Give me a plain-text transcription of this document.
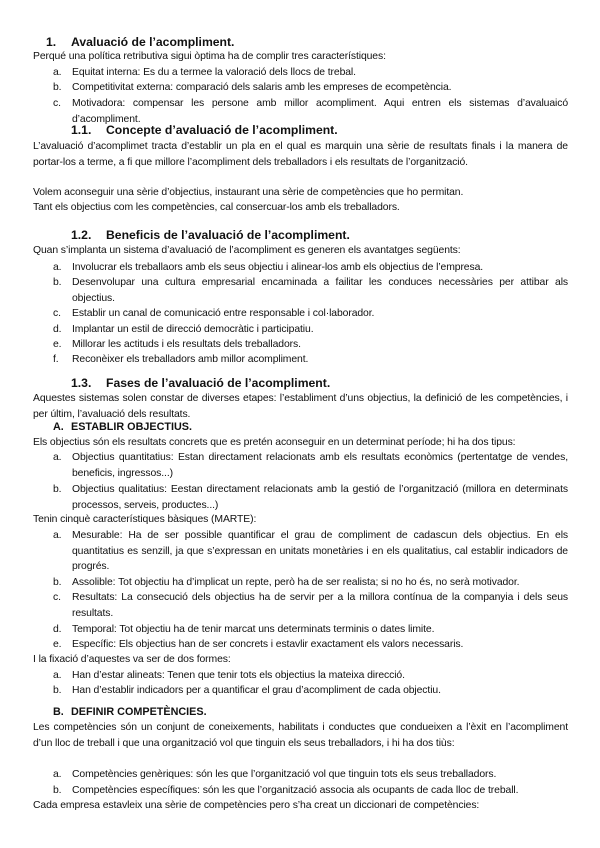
1. Avaluació de l’acompliment.
Perqué una política retributiva sigui òptima ha de complir tres característiques:
a. Equitat interna: Es du a termee la valoració dels llocs de trebal.
b. Competitivitat externa: comparació dels salaris amb les empreses de ecompetència.
c. Motivadora: compensar les persone amb millor acompliment. Aqui entren els sistemas d’avaluaicó d’acompliment.
1.1. Concepte d’avaluació de l’acompliment.
L’avaluació d’acomplimet tracta d’establir un pla en el qual es marquin una sèrie de resultats finals i la manera de portar-los a terme, a fi que millore l’acompliment dels treballadors i els resultats de l’organització.
Volem aconseguir una sèrie d’objectius, instaurant una sèrie de competències que ho permitan.
Tant els objectius com les competències, cal consercuar-los amb els treballadors.
1.2. Beneficis de l’avaluació de l’acompliment.
Quan s’implanta un sistema d’avaluació de l’acompliment es generen els avantatges següents:
a. Involucrar els treballaors amb els seus objectiu i alinear-los amb els objectius de l’empresa.
b. Desenvolupar una cultura empresarial encaminada a failitar les conduces necessàries per attibar als objectius.
c. Establir un canal de comunicació entre responsable i col·laborador.
d. Implantar un estil de direcció democràtic i participatiu.
e. Millorar les actituds i els resultats dels treballadors.
f. Reconèixer els treballadors amb millor acompliment.
1.3. Fases de l’avaluació de l’acompliment.
Aquestes sistemas solen constar de diverses etapes: l’establiment d’uns objectius, la definició de les competències, i per últim, l’avaluació dels resultats.
A. ESTABLIR OBJECTIUS.
Els objectius són els resultats concrets que es pretén aconseguir en un determinat període; hi ha dos tipus:
a. Objectius quantitatius: Estan directament relacionats amb els resultats econòmics (pertentatge de vendes, beneficis, ingressos...)
b. Objectius qualitatius: Eestan directament relacionats amb la gestió de l’organització (millora en determinats processos, serveis, productes...)
Tenin cinquè característiques bàsiques (MARTE):
a. Mesurable: Ha de ser possible quantificar el grau de compliment de cadascun dels objectius. En els quantitatius es senzill, ja que s’expressan en unitats monetàries i en els qualitatius, cal establir indicadors de progrés.
b. Assolible: Tot objectiu ha d’implicat un repte, però ha de ser realista; si no ho és, no serà motivador.
c. Resultats: La consecució dels objectius ha de servir per a la millora contínua de la companyia i dels seus resultats.
d. Temporal: Tot objectiu ha de tenir marcat uns determinats terminis o dates limite.
e. Específic: Els objectius han de ser concrets i estavlir exactament els valors necessaris.
I la fixació d’aquestes va ser de dos formes:
a. Han d’estar alineats: Tenen que tenir tots els objectius la mateixa direcció.
b. Han d’establir indicadors per a quantificar el grau d’acompliment de cada objectiu.
B. DEFINIR COMPETÈNCIES.
Les competències són un conjunt de coneixements, habilitats i conductes que condueixen a l’èxit en l’acompliment d’un lloc de treball i que una organització vol que tinguin els seus treballadors, i hi ha dos tiùs:
a. Competències genèriques: són les que l’organització vol que tinguin tots els seus treballadors.
b. Competències específiques: són les que l’organització associa als ocupants de cada lloc de treball.
Cada empresa estavleix una sèrie de competències pero s’ha creat un diccionari de competències:
